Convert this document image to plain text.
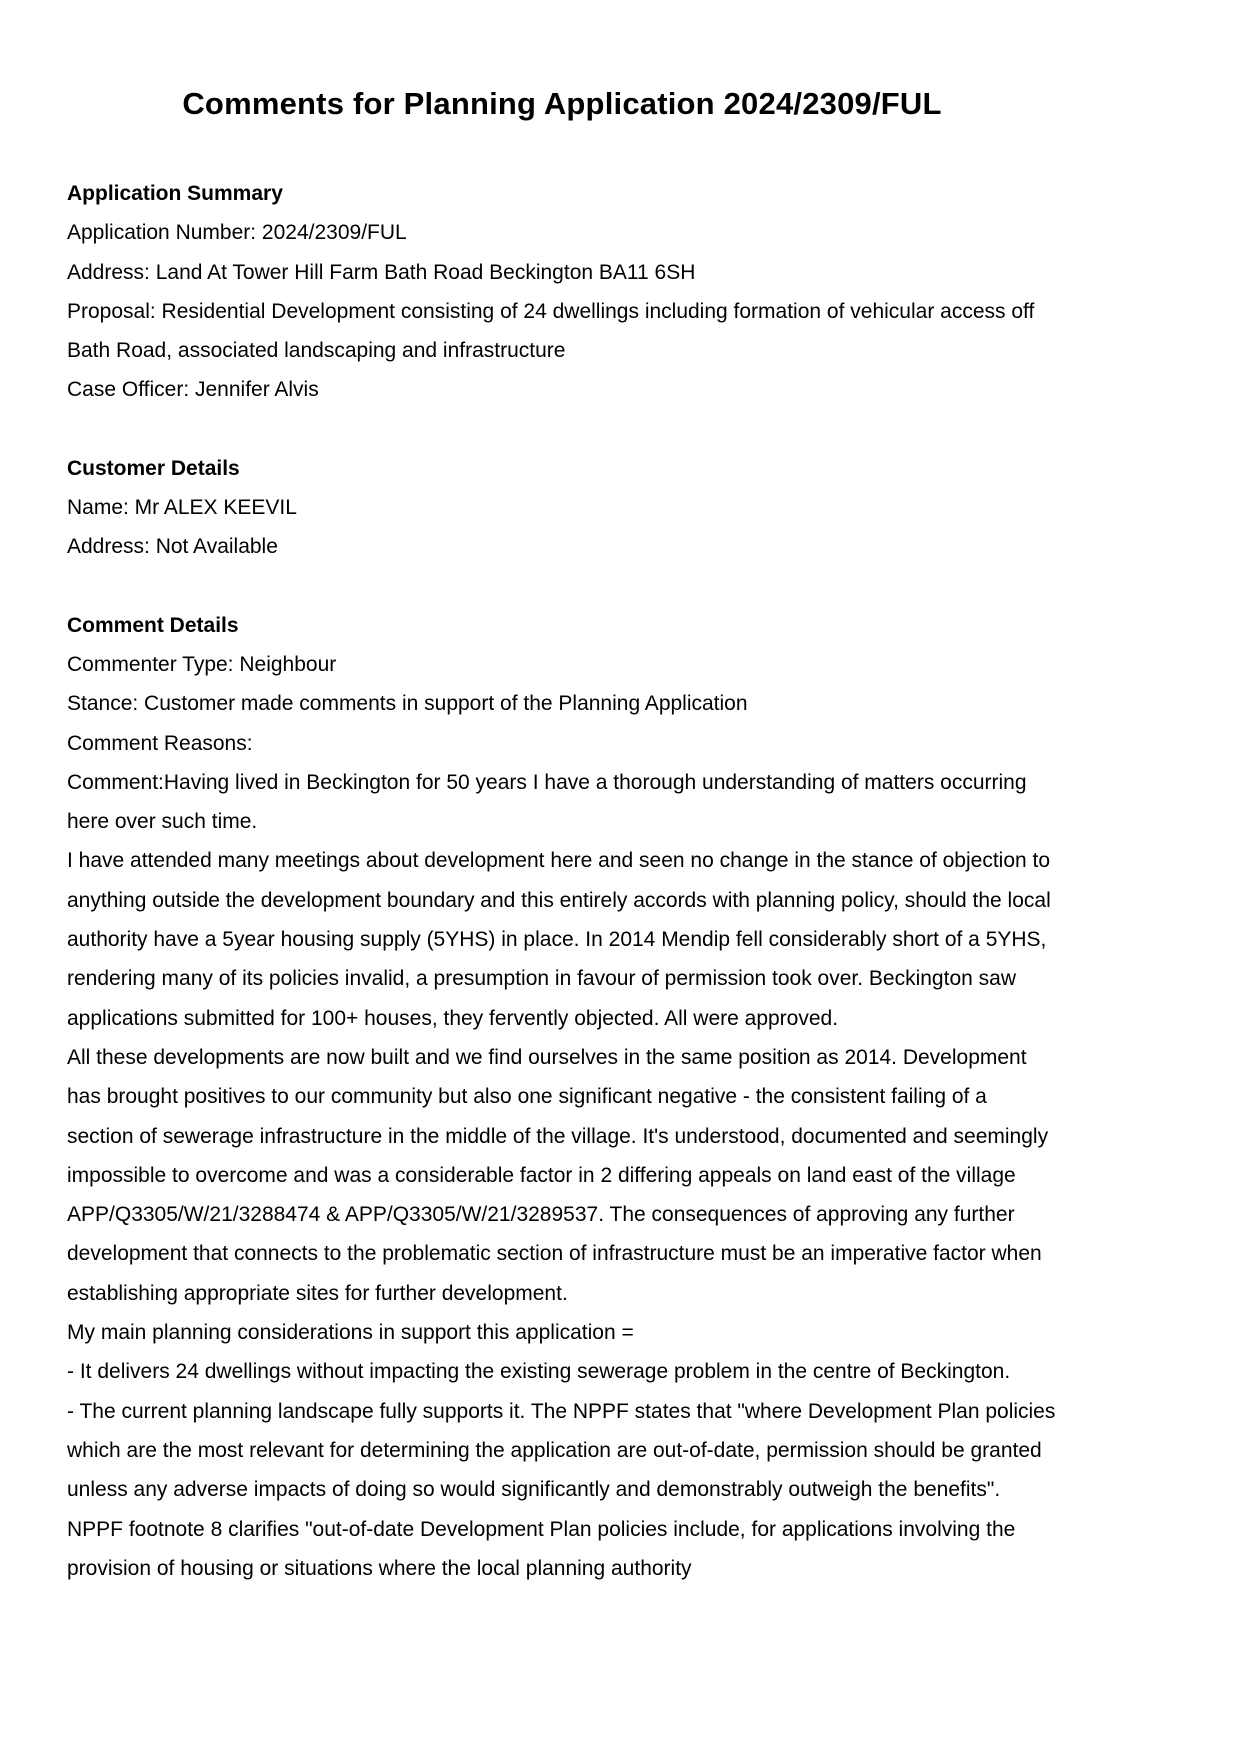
Comments for Planning Application 2024/2309/FUL
Application Summary

Application Number: 2024/2309/FUL

Address: Land At Tower Hill Farm Bath Road Beckington BA11 6SH

Proposal: Residential Development consisting of 24 dwellings including formation of vehicular access off Bath Road, associated landscaping and infrastructure

Case Officer: Jennifer Alvis

Customer Details

Name: Mr ALEX KEEVIL

Address: Not Available

Comment Details

Commenter Type: Neighbour

Stance: Customer made comments in support of the Planning Application

Comment Reasons:

Comment:Having lived in Beckington for 50 years I have a thorough understanding of matters occurring here over such time.

I have attended many meetings about development here and seen no change in the stance of objection to anything outside the development boundary and this entirely accords with planning policy, should the local authority have a 5year housing supply (5YHS) in place. In 2014 Mendip fell considerably short of a 5YHS, rendering many of its policies invalid, a presumption in favour of permission took over. Beckington saw applications submitted for 100+ houses, they fervently objected. All were approved.

All these developments are now built and we find ourselves in the same position as 2014. Development has brought positives to our community but also one significant negative - the consistent failing of a section of sewerage infrastructure in the middle of the village. It's understood, documented and seemingly impossible to overcome and was a considerable factor in 2 differing appeals on land east of the village APP/Q3305/W/21/3288474 & APP/Q3305/W/21/3289537. The consequences of approving any further development that connects to the problematic section of infrastructure must be an imperative factor when establishing appropriate sites for further development.

My main planning considerations in support this application =

- It delivers 24 dwellings without impacting the existing sewerage problem in the centre of Beckington.

- The current planning landscape fully supports it. The NPPF states that "where Development Plan policies which are the most relevant for determining the application are out-of-date, permission should be granted unless any adverse impacts of doing so would significantly and demonstrably outweigh the benefits". NPPF footnote 8 clarifies "out-of-date Development Plan policies include, for applications involving the provision of housing or situations where the local planning authority
